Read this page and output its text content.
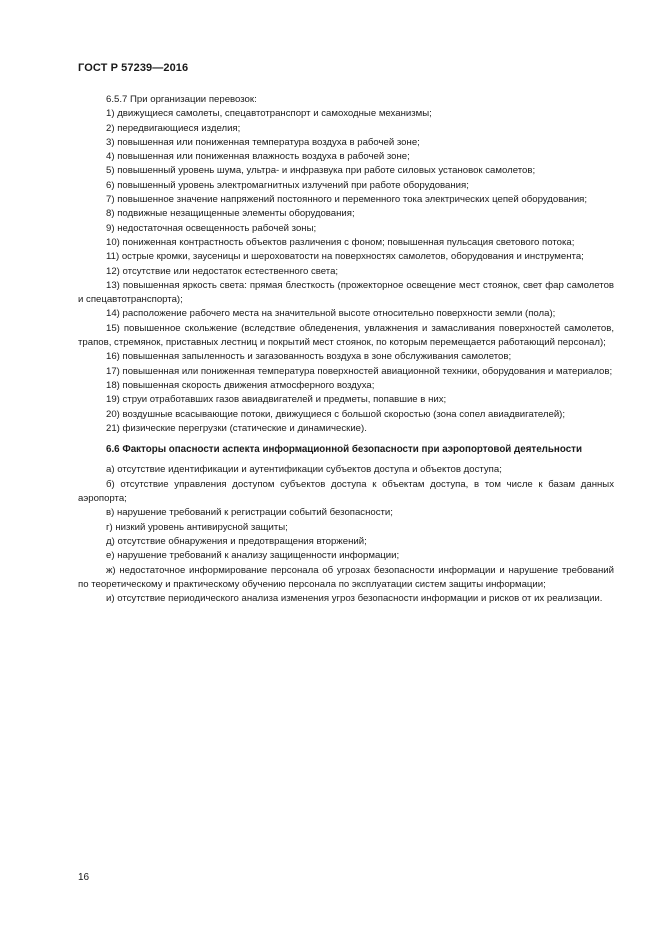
ГОСТ Р 57239—2016

6.5.7 При организации перевозок:

1) движущиеся самолеты, спецавтотранспорт и самоходные механизмы;

2) передвигающиеся изделия;

3) повышенная или пониженная температура воздуха в рабочей зоне;

4) повышенная или пониженная влажность воздуха в рабочей зоне;

5) повышенный уровень шума, ультра- и инфразвука при работе силовых установок самолетов;

6) повышенный уровень электромагнитных излучений при работе оборудования;

7) повышенное значение напряжений постоянного и переменного тока электрических цепей оборудования;

8) подвижные незащищенные элементы оборудования;

9) недостаточная освещенность рабочей зоны;

10) пониженная контрастность объектов различения с фоном; повышенная пульсация светового потока;

11) острые кромки, заусеницы и шероховатости на поверхностях самолетов, оборудования и инструмента;

12) отсутствие или недостаток естественного света;

13) повышенная яркость света: прямая блесткость (прожекторное освещение мест стоянок, свет фар самолетов и спецавтотранспорта);

14) расположение рабочего места на значительной высоте относительно поверхности земли (пола);

15) повышенное скольжение (вследствие обледенения, увлажнения и замасливания поверхностей самолетов, трапов, стремянок, приставных лестниц и покрытий мест стоянок, по которым перемещается работающий персонал);

16) повышенная запыленность и загазованность воздуха в зоне обслуживания самолетов;

17) повышенная или пониженная температура поверхностей авиационной техники, оборудования и материалов;

18) повышенная скорость движения атмосферного воздуха;

19) струи отработавших газов авиадвигателей и предметы, попавшие в них;

20) воздушные всасывающие потоки, движущиеся с большой скоростью (зона сопел авиадвигателей);

21) физические перегрузки (статические и динамические).

6.6 Факторы опасности аспекта информационной безопасности при аэропортовой деятельности

а) отсутствие идентификации и аутентификации субъектов доступа и объектов доступа;

б) отсутствие управления доступом субъектов доступа к объектам доступа, в том числе к базам данных аэропорта;

в) нарушение требований к регистрации событий безопасности;

г) низкий уровень антивирусной защиты;

д) отсутствие обнаружения и предотвращения вторжений;

е) нарушение требований к анализу защищенности информации;

ж) недостаточное информирование персонала об угрозах безопасности информации и нарушение требований по теоретическому и практическому обучению персонала по эксплуатации систем защиты информации;

и) отсутствие периодического анализа изменения угроз безопасности информации и рисков от их реализации.

16
